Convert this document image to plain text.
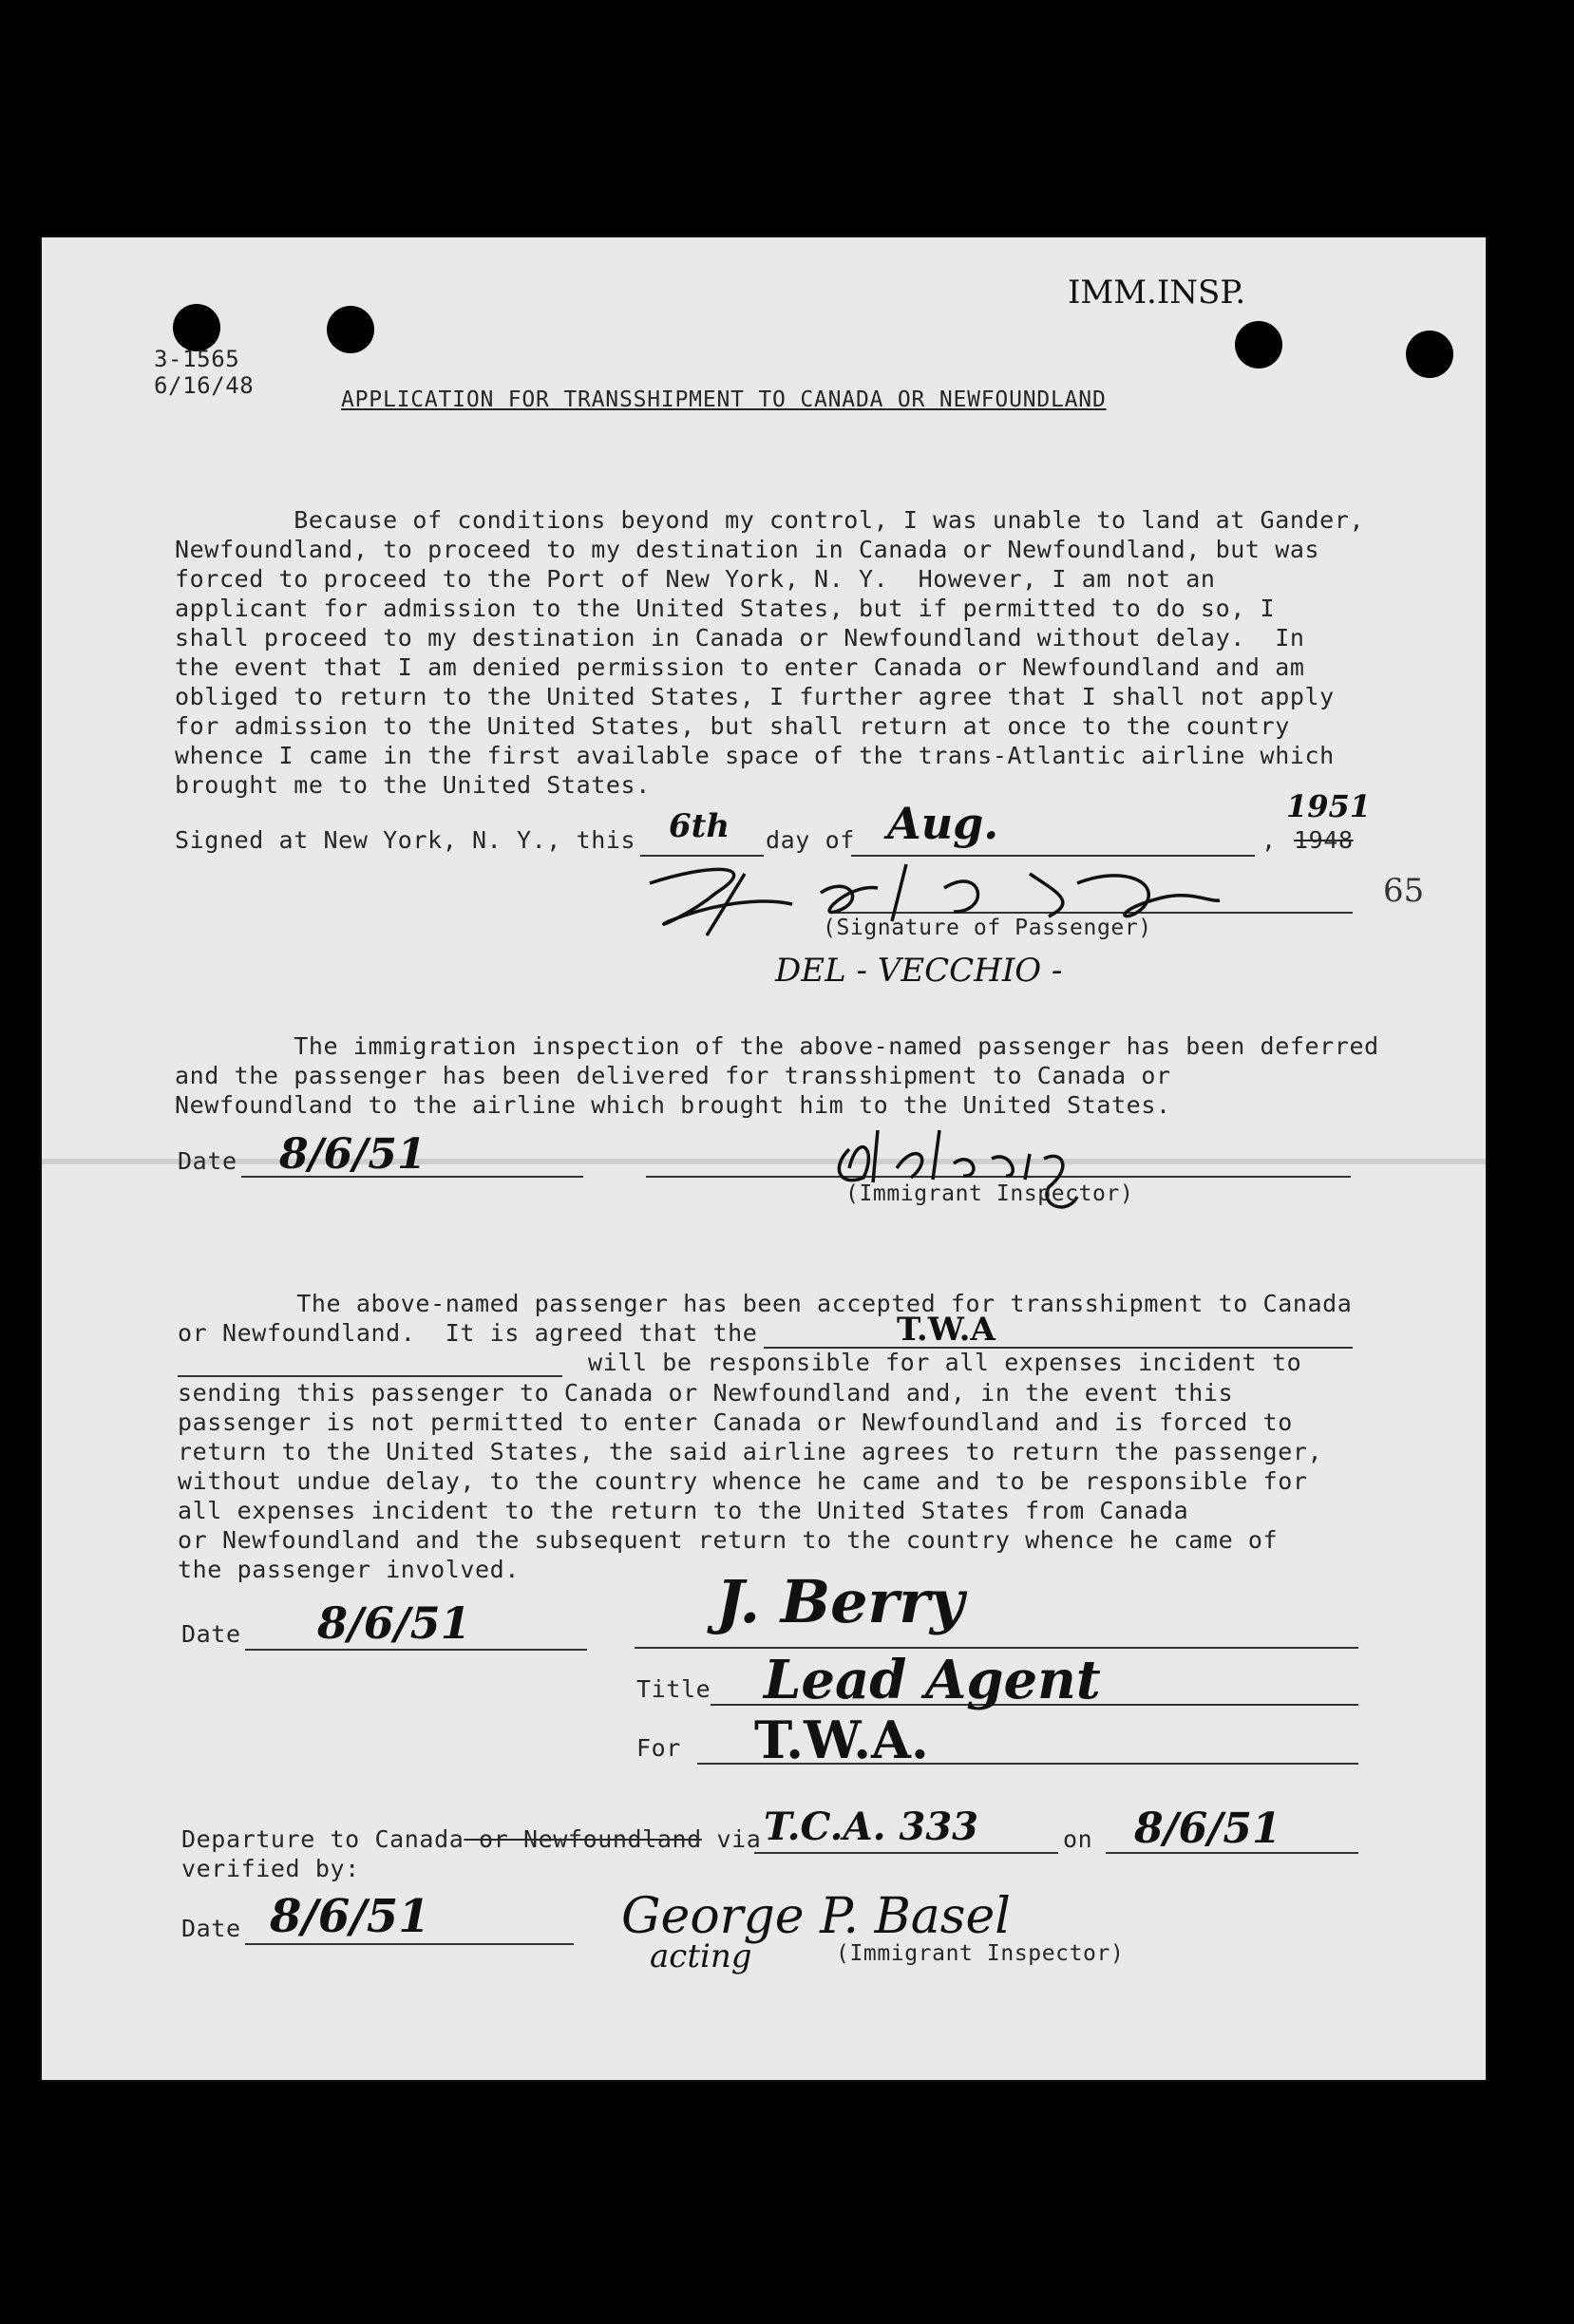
3-1565
6/16/48
IMM.INSP.
APPLICATION FOR TRANSSHIPMENT TO CANADA OR NEWFOUNDLAND
Because of conditions beyond my control, I was unable to land at Gander,
Newfoundland, to proceed to my destination in Canada or Newfoundland, but was
forced to proceed to the Port of New York, N. Y.  However, I am not an
applicant for admission to the United States, but if permitted to do so, I
shall proceed to my destination in Canada or Newfoundland without delay.  In
the event that I am denied permission to enter Canada or Newfoundland and am
obliged to return to the United States, I further agree that I shall not apply
for admission to the United States, but shall return at once to the country
whence I came in the first available space of the trans-Atlantic airline which
brought me to the United States.
Signed at New York, N. Y., this 6th day of Aug.	, 1948
1951
(Signature of Passenger)
65
DEL - VECCHIO -
The immigration inspection of the above-named passenger has been deferred
and the passenger has been delivered for transshipment to Canada or
Newfoundland to the airline which brought him to the United States.
Date 8/6/51
(Immigrant Inspector)
The above-named passenger has been accepted for transshipment to Canada
or Newfoundland.  It is agreed that the	T.W.A
will be responsible for all expenses incident to
sending this passenger to Canada or Newfoundland and, in the event this
passenger is not permitted to enter Canada or Newfoundland and is forced to
return to the United States, the said airline agrees to return the passenger,
without undue delay, to the country whence he came and to be responsible for
all expenses incident to the return to the United States from Canada
or Newfoundland and the subsequent return to the country whence he came of
the passenger involved.
Date 8/6/51	J. Berry
Title Lead Agent
For T.W.A.
Departure to Canada or Newfoundland via T.C.A. 333	on 8/6/51
verified by:
Date 8/6/51	George P. Basel
acting	(Immigrant Inspector)
